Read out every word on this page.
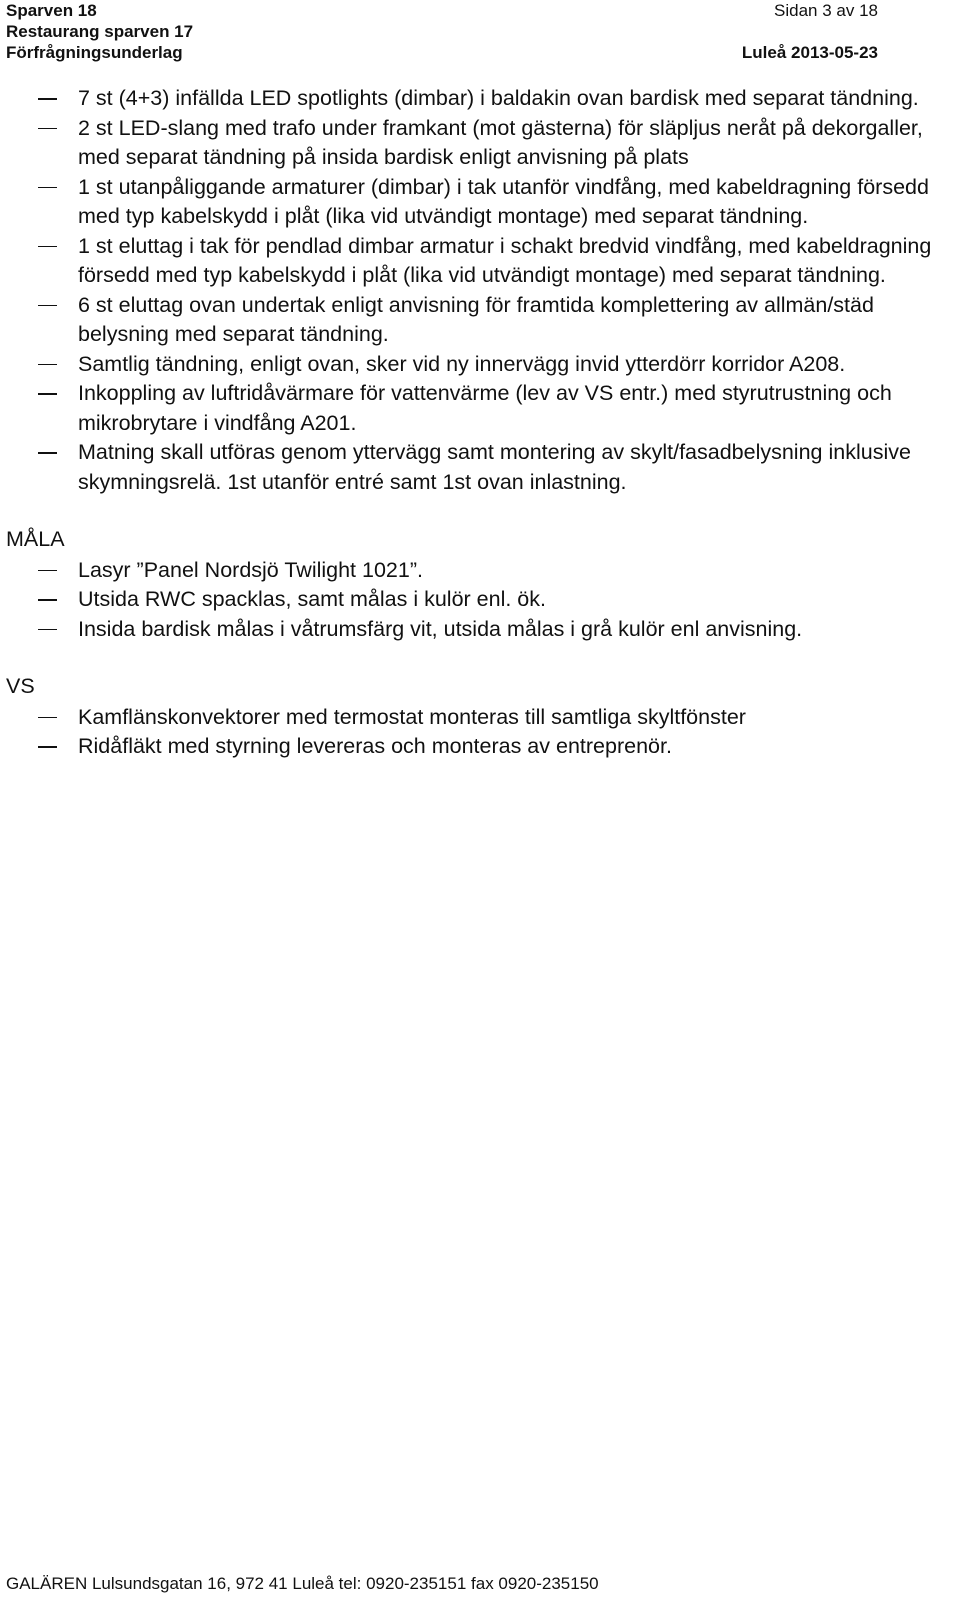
Sparven 18	Sidan 3 av 18
Restaurang sparven 17
Förfrågningsunderlag	Luleå 2013-05-23
7 st (4+3) infällda LED spotlights (dimbar) i baldakin ovan bardisk med separat tändning.
2 st LED-slang med trafo under framkant (mot gästerna) för släpljus neråt på dekorgaller, med separat tändning på insida bardisk enligt anvisning på plats
1 st utanpåliggande armaturer (dimbar) i tak utanför vindfång, med kabeldragning försedd med typ kabelskydd i plåt (lika vid utvändigt montage) med separat tändning.
1 st eluttag i tak för pendlad dimbar armatur i schakt bredvid vindfång, med kabeldragning försedd med typ kabelskydd i plåt (lika vid utvändigt montage) med separat tändning.
6 st eluttag ovan undertak enligt anvisning för framtida komplettering av allmän/städ belysning med separat tändning.
Samtlig tändning, enligt ovan, sker vid ny innervägg invid ytterdörr korridor A208.
Inkoppling av luftridåvärmare för vattenvärme (lev av VS entr.) med styrutrustning och mikrobrytare i vindfång A201.
Matning skall utföras genom yttervägg samt montering av skylt/fasadbelysning inklusive skymningsrelä. 1st utanför entré samt 1st ovan inlastning.
MÅLA
Lasyr ”Panel Nordsjö Twilight 1021”.
Utsida RWC spacklas, samt målas i kulör enl. ök.
Insida bardisk målas i våtrumsfärg vit, utsida målas i grå kulör enl anvisning.
VS
Kamflänskonvektorer med termostat monteras till samtliga skyltfönster
Ridåfläkt med styrning levereras och monteras av entreprenör.
GALÄREN Lulsundsgatan 16, 972 41 Luleå tel: 0920-235151 fax 0920-235150
